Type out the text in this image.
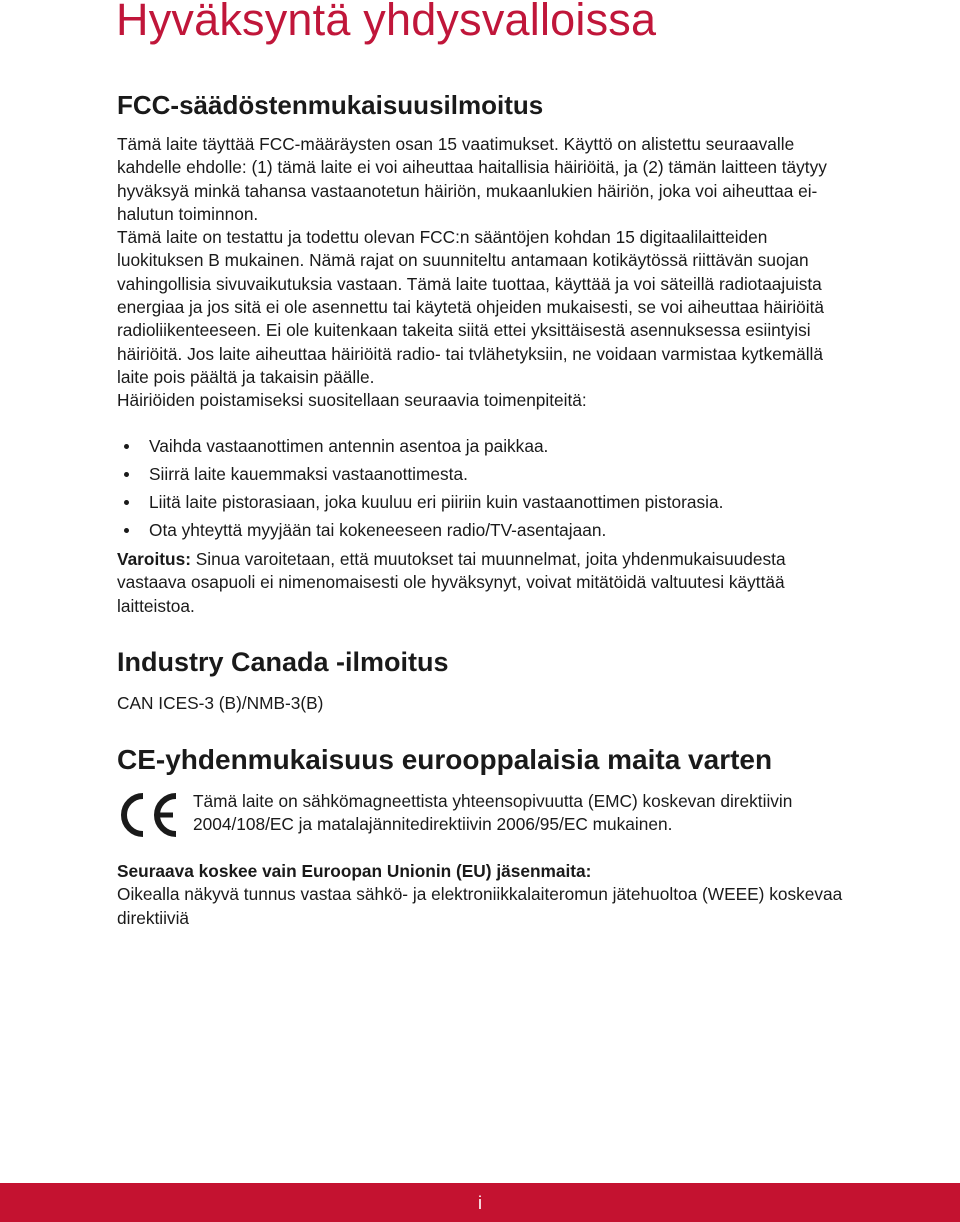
Hyväksyntä yhdysvalloissa
FCC-säädöstenmukaisuusilmoitus

Tämä laite täyttää FCC-määräysten osan 15 vaatimukset. Käyttö on alistettu seuraavalle kahdelle ehdolle: (1) tämä laite ei voi aiheuttaa haitallisia häiriöitä, ja (2) tämän laitteen täytyy hyväksyä minkä tahansa vastaanotetun häiriön, mukaanlukien häiriön, joka voi aiheuttaa ei-halutun toiminnon.

Tämä laite on testattu ja todettu olevan FCC:n sääntöjen kohdan 15 digitaalilaitteiden luokituksen B mukainen. Nämä rajat on suunniteltu antamaan kotikäytössä riittävän suojan vahingollisia sivuvaikutuksia vastaan. Tämä laite tuottaa, käyttää ja voi säteillä radiotaajuista energiaa ja jos sitä ei ole asennettu tai käytetä ohjeiden mukaisesti, se voi aiheuttaa häiriöitä radioliikenteeseen. Ei ole kuitenkaan takeita siitä ettei yksittäisestä asennuksessa esiintyisi häiriöitä. Jos laite aiheuttaa häiriöitä radio- tai tvlähetyksiin, ne voidaan varmistaa kytkemällä laite pois päältä ja takaisin päälle.

Häiriöiden poistamiseksi suositellaan seuraavia toimenpiteitä:

Vaihda vastaanottimen antennin asentoa ja paikkaa.
Siirrä laite kauemmaksi vastaanottimesta.
Liitä laite pistorasiaan, joka kuuluu eri piiriin kuin vastaanottimen pistorasia.
Ota yhteyttä myyjään tai kokeneeseen radio/TV-asentajaan.
Varoitus: Sinua varoitetaan, että muutokset tai muunnelmat, joita yhdenmukaisuudesta vastaava osapuoli ei nimenomaisesti ole hyväksynyt, voivat mitätöidä valtuutesi käyttää laitteistoa.
Industry Canada -ilmoitus
CAN ICES-3 (B)/NMB-3(B)
CE-yhdenmukaisuus eurooppalaisia maita varten
Tämä laite on sähkömagneettista yhteensopivuutta (EMC) koskevan direktiivin 2004/108/EC ja matalajännitedirektiivin 2006/95/EC mukainen.
Seuraava koskee vain Euroopan Unionin (EU) jäsenmaita:
Oikealla näkyvä tunnus vastaa sähkö- ja elektroniikkalaiteromun jätehuoltoa (WEEE) koskevaa direktiiviä
i
